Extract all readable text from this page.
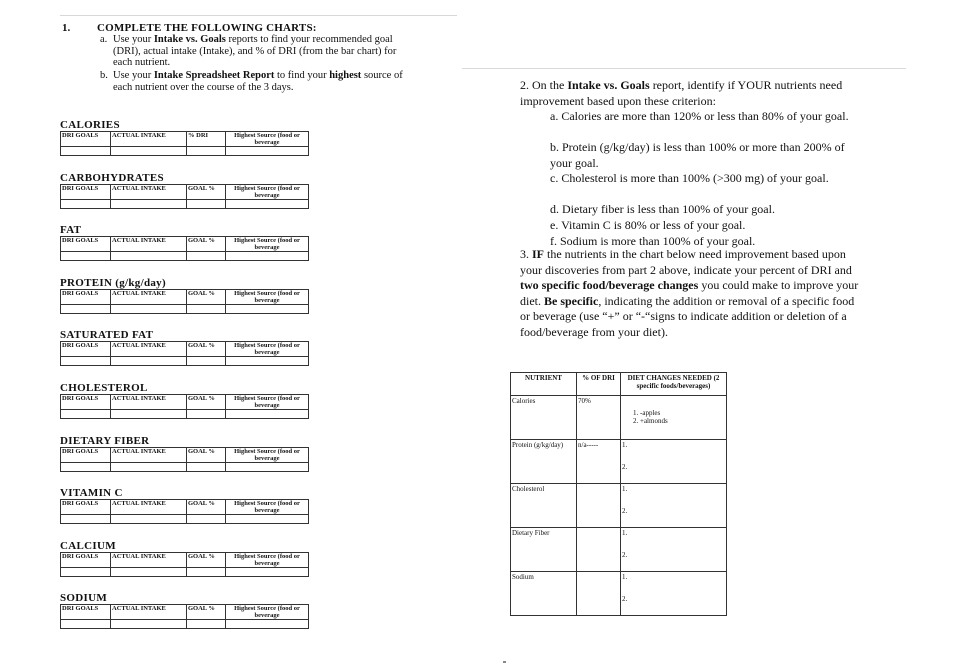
1. COMPLETE THE FOLLOWING CHARTS:
a. Use your Intake vs. Goals reports to find your recommended goal (DRI), actual intake (Intake), and % of DRI (from the bar chart) for each nutrient.
b. Use your Intake Spreadsheet Report to find your highest source of each nutrient over the course of the 3 days.
CALORIES
DRI GOALS	ACTUAL INTAKE	% DRI	Highest Source (food or beverage

CARBOHYDRATES
DRI GOALS	ACTUAL INTAKE	GOAL %	Highest Source (food or beverage

FAT
DRI GOALS	ACTUAL INTAKE	GOAL %	Highest Source (food or beverage

PROTEIN (g/kg/day)
DRI GOALS	ACTUAL INTAKE	GOAL %	Highest Source (food or beverage

SATURATED FAT
DRI GOALS	ACTUAL INTAKE	GOAL %	Highest Source (food or beverage

CHOLESTEROL
DRI GOALS	ACTUAL INTAKE	GOAL %	Highest Source (food or beverage

DIETARY FIBER
DRI GOALS	ACTUAL INTAKE	GOAL %	Highest Source (food or beverage

VITAMIN C
DRI GOALS	ACTUAL INTAKE	GOAL %	Highest Source (food or beverage

CALCIUM
DRI GOALS	ACTUAL INTAKE	GOAL %	Highest Source (food or beverage

SODIUM
DRI GOALS	ACTUAL INTAKE	GOAL %	Highest Source (food or beverage

2. On the Intake vs. Goals report, identify if YOUR nutrients need improvement based upon these criterion:
a. Calories are more than 120% or less than 80% of your goal.
b. Protein (g/kg/day) is less than 100% or more than 200% of your goal.
c. Cholesterol is more than 100% (>300 mg) of your goal.
d. Dietary fiber is less than 100% of your goal.
e. Vitamin C is 80% or less of your goal.
f. Sodium is more than 100% of your goal.
3. IF the nutrients in the chart below need improvement based upon your discoveries from part 2 above, indicate your percent of DRI and two specific food/beverage changes you could make to improve your diet. Be specific, indicating the addition or removal of a specific food or beverage (use “+” or “-“signs to indicate addition or deletion of a food/beverage from your diet).
NUTRIENT	% OF DRI	DIET CHANGES NEEDED (2 specific foods/beverages)
Calories	70%	1. -apples
2. +almonds

Protein (g/kg/day)	n/a-----	1.
2.

Cholesterol		1.
2.

Dietary Fiber		1.
2.

Sodium		1.
2.
